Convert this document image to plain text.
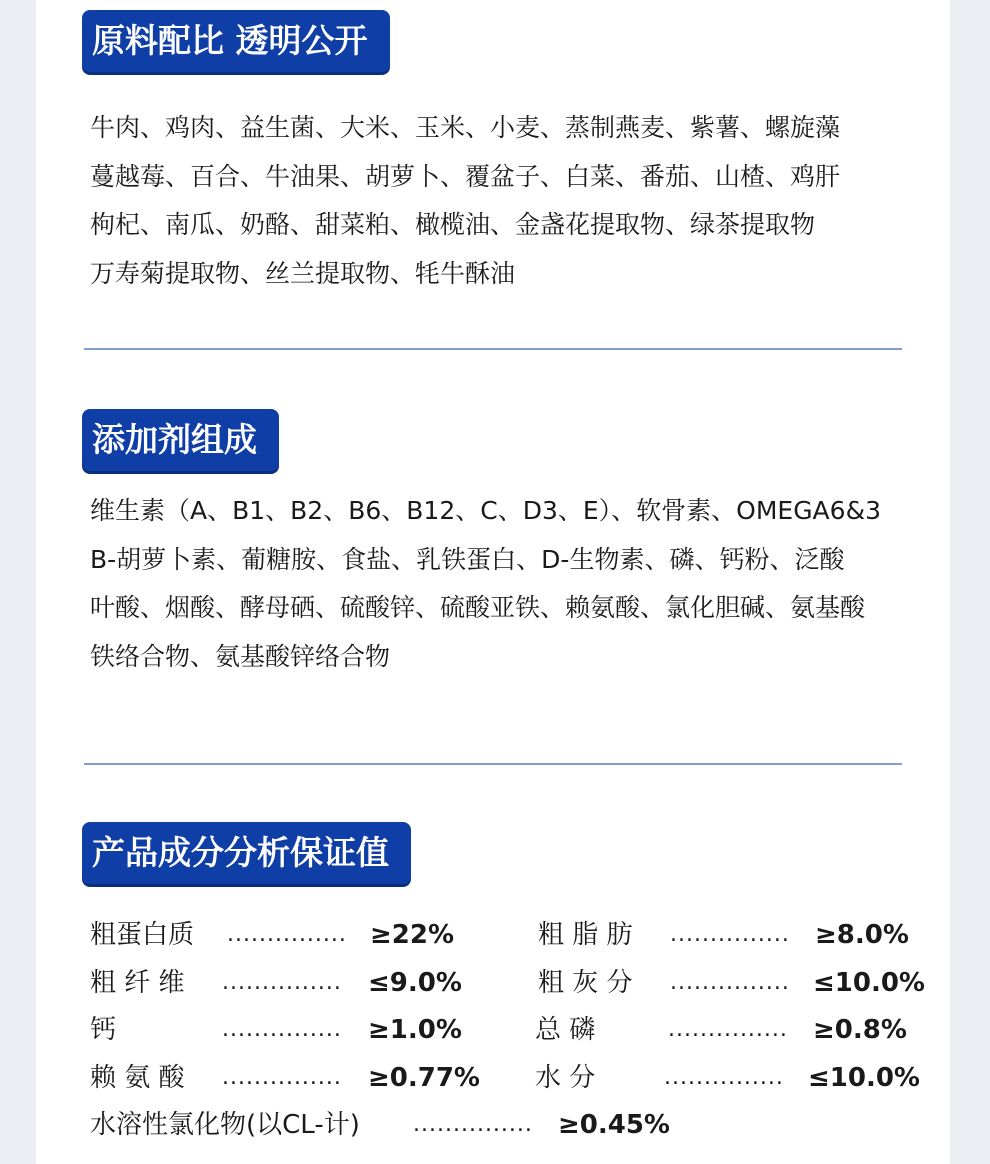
原料配比 透明公开
牛肉、鸡肉、益生菌、大米、玉米、小麦、蒸制燕麦、紫薯、螺旋藻
蔓越莓、百合、牛油果、胡萝卜、覆盆子、白菜、番茄、山楂、鸡肝
枸杞、南瓜、奶酪、甜菜粕、橄榄油、金盏花提取物、绿茶提取物
万寿菊提取物、丝兰提取物、牦牛酥油
添加剂组成
维生素（A、B1、B2、B6、B12、C、D3、E）、软骨素、OMEGA6&3
B-胡萝卜素、葡糖胺、食盐、乳铁蛋白、D-生物素、磷、钙粉、泛酸
叶酸、烟酸、酵母硒、硫酸锌、硫酸亚铁、赖氨酸、氯化胆碱、氨基酸
铁络合物、氨基酸锌络合物
产品成分分析保证值
粗蛋白质 ............... ≥22%	粗 脂 肪 ............... ≥8.0%
粗 纤 维 ............... ≤9.0%	粗 灰 分 ............... ≤10.0%
钙	............... ≥1.0%	总 磷	............... ≥0.8%
赖 氨 酸 ............... ≥0.77% 水 分	............... ≤10.0%
水溶性氯化物(以CL-计) ............... ≥0.45%
